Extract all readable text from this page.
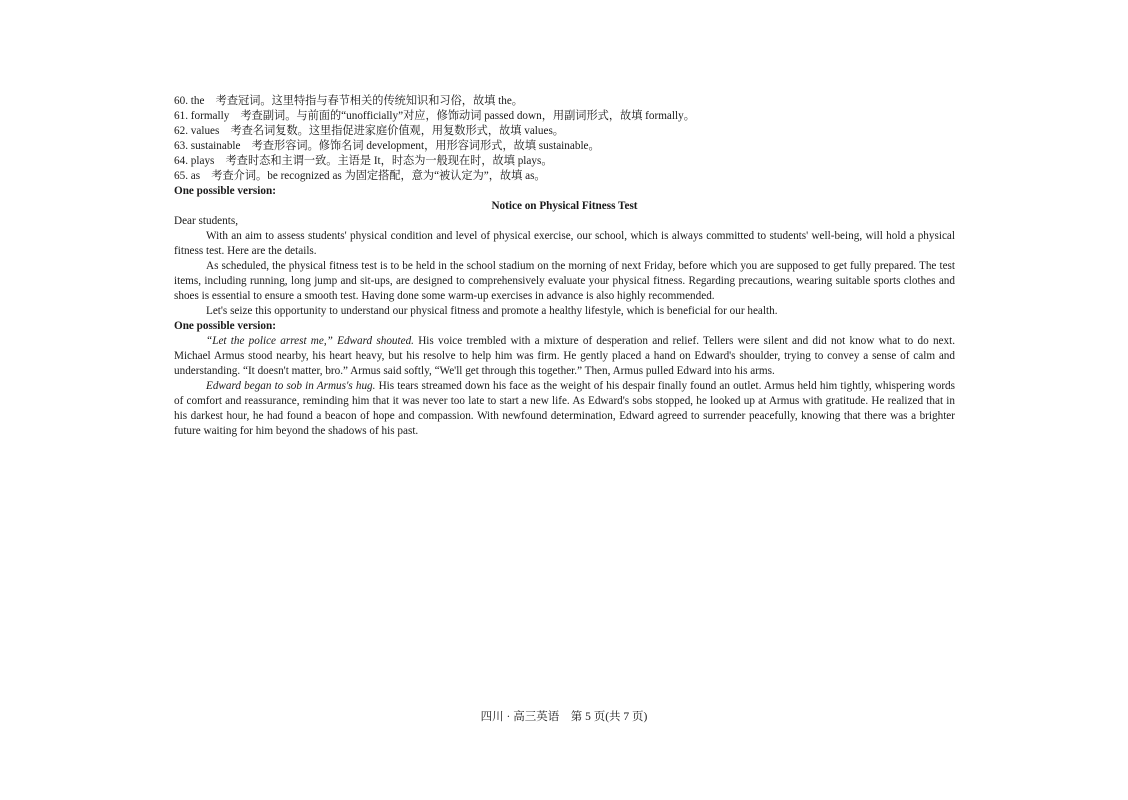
60. the　考查冠词。这里特指与春节相关的传统知识和习俗，故填 the。

61. formally　考查副词。与前面的“unofficially”对应，修饰动词 passed down，用副词形式，故填 formally。

62. values　考查名词复数。这里指促进家庭价值观，用复数形式，故填 values。

63. sustainable　考查形容词。修饰名词 development，用形容词形式，故填 sustainable。

64. plays　考查时态和主谓一致。主语是 It，时态为一般现在时，故填 plays。

65. as　考查介词。be recognized as 为固定搭配，意为“被认定为”，故填 as。

One possible version:

Notice on Physical Fitness Test

Dear students,

With an aim to assess students' physical condition and level of physical exercise, our school, which is always committed to students' well-being, will hold a physical fitness test. Here are the details.

As scheduled, the physical fitness test is to be held in the school stadium on the morning of next Friday, before which you are supposed to get fully prepared. The test items, including running, long jump and sit-ups, are designed to comprehensively evaluate your physical fitness. Regarding precautions, wearing suitable sports clothes and shoes is essential to ensure a smooth test. Having done some warm-up exercises in advance is also highly recommended.

Let's seize this opportunity to understand our physical fitness and promote a healthy lifestyle, which is beneficial for our health.

One possible version:

“Let the police arrest me,” Edward shouted. His voice trembled with a mixture of desperation and relief. Tellers were silent and did not know what to do next. Michael Armus stood nearby, his heart heavy, but his resolve to help him was firm. He gently placed a hand on Edward's shoulder, trying to convey a sense of calm and understanding. “It doesn't matter, bro.” Armus said softly, “We'll get through this together.” Then, Armus pulled Edward into his arms.

Edward began to sob in Armus's hug. His tears streamed down his face as the weight of his despair finally found an outlet. Armus held him tightly, whispering words of comfort and reassurance, reminding him that it was never too late to start a new life. As Edward's sobs stopped, he looked up at Armus with gratitude. He realized that in his darkest hour, he had found a beacon of hope and compassion. With newfound determination, Edward agreed to surrender peacefully, knowing that there was a brighter future waiting for him beyond the shadows of his past.

四川 · 高三英语　第 5 页(共 7 页)
